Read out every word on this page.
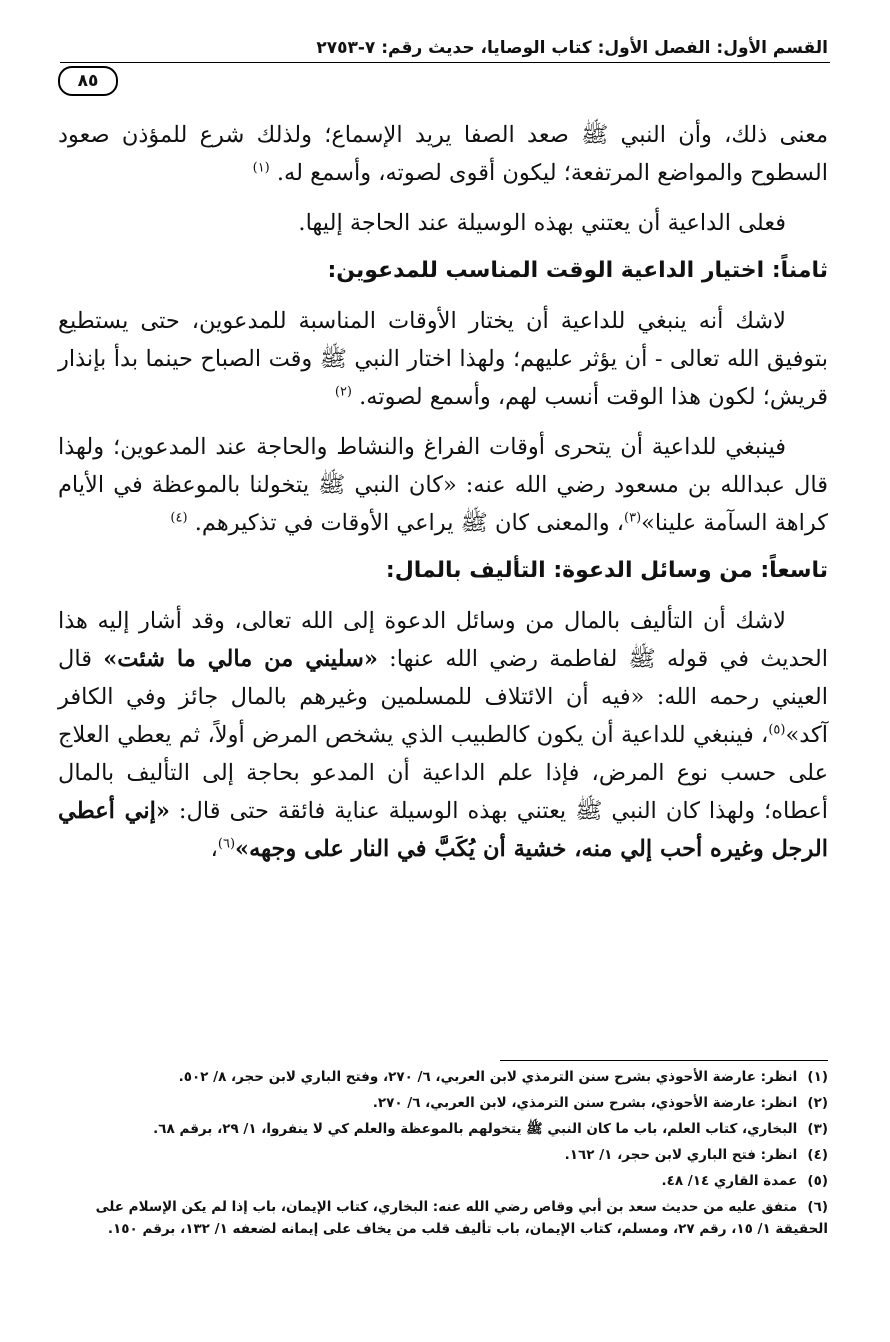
القسم الأول: الفصل الأول: كتاب الوصايا، حديث رقم: ٧-٢٧٥٣
٨٥

معنى ذلك، وأن النبي ﷺ صعد الصفا يريد الإسماع؛ ولذلك شرع للمؤذن صعود السطوح والمواضع المرتفعة؛ ليكون أقوى لصوته، وأسمع له. $^{(١)}$

فعلى الداعية أن يعتني بهذه الوسيلة عند الحاجة إليها.

ثامناً: اختيار الداعية الوقت المناسب للمدعوين:

لاشك أنه ينبغي للداعية أن يختار الأوقات المناسبة للمدعوين، حتى يستطيع بتوفيق الله تعالى - أن يؤثر عليهم؛ ولهذا اختار النبي ﷺ وقت الصباح حينما بدأ بإنذار قريش؛ لكون هذا الوقت أنسب لهم، وأسمع لصوته. $^{(٢)}$

فينبغي للداعية أن يتحرى أوقات الفراغ والنشاط والحاجة عند المدعوين؛ ولهذا قال عبدالله بن مسعود رضي الله عنه: «كان النبي ﷺ يتخولنا بالموعظة في الأيام كراهة السآمة علينا»$^{(٣)}$، والمعنى كان ﷺ يراعي الأوقات في تذكيرهم. $^{(٤)}$

تاسعاً: من وسائل الدعوة: التأليف بالمال:

لاشك أن التأليف بالمال من وسائل الدعوة إلى الله تعالى، وقد أشار إليه هذا الحديث في قوله ﷺ لفاطمة رضي الله عنها: «سليني من مالي ما شئت» قال العيني رحمه الله: «فيه أن الائتلاف للمسلمين وغيرهم بالمال جائز وفي الكافر آكد»$^{(٥)}$، فينبغي للداعية أن يكون كالطبيب الذي يشخص المرض أولاً، ثم يعطي العلاج على حسب نوع المرض، فإذا علم الداعية أن المدعو بحاجة إلى التأليف بالمال أعطاه؛ ولهذا كان النبي ﷺ يعتني بهذه الوسيلة عناية فائقة حتى قال: «إني أعطي الرجل وغيره أحب إلي منه، خشية أن يُكَبَّ في النار على وجهه»$^{(٦)}$،

(١) انظر: عارضة الأحوذي بشرح سنن الترمذي لابن العربي، ٦/ ٢٧٠، وفتح الباري لابن حجر، ٨/ ٥٠٢.

(٢) انظر: عارضة الأحوذي، بشرح سنن الترمذي، لابن العربي، ٦/ ٢٧٠.

(٣) البخاري، كتاب العلم، باب ما كان النبي ﷺ يتخولهم بالموعظة والعلم كي لا ينفروا، ١/ ٢٩، برقم ٦٨.

(٤) انظر: فتح الباري لابن حجر، ١/ ١٦٢.

(٥) عمدة القاري ١٤/ ٤٨.

(٦) متفق عليه من حديث سعد بن أبي وقاص رضي الله عنه: البخاري، كتاب الإيمان، باب إذا لم يكن الإسلام على الحقيقة ١/ ١٥، رقم ٢٧، ومسلم، كتاب الإيمان، باب تأليف قلب من يخاف على إيمانه لضعفه ١/ ١٣٢، برقم ١٥٠.
